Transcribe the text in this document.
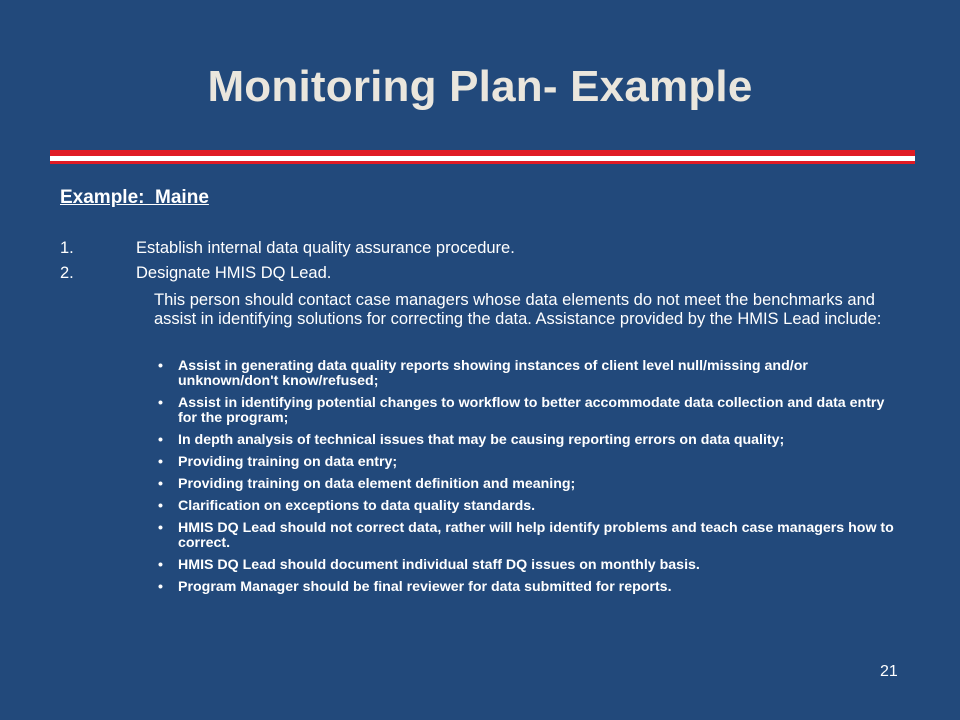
Monitoring Plan- Example
Example:  Maine
1.	Establish internal data quality assurance procedure.
2.	Designate HMIS DQ Lead.
This person should contact case managers whose data elements do not meet the benchmarks and assist in identifying solutions for correcting the data. Assistance provided by the HMIS Lead include:
•	Assist in generating data quality reports showing instances of client level null/missing and/or unknown/don't know/refused;
•	Assist in identifying potential changes to workflow to better accommodate data collection and data entry for the program;
•	In depth analysis of technical issues that may be causing reporting errors on data quality;
•	Providing training on data entry;
•	Providing training on data element definition and meaning;
•	Clarification on exceptions to data quality standards.
•	HMIS DQ Lead should not correct data, rather will help identify problems and teach case managers how to correct.
•	HMIS DQ Lead should document individual staff DQ issues on monthly basis.
•	Program Manager should be final reviewer for data submitted for reports.
21
